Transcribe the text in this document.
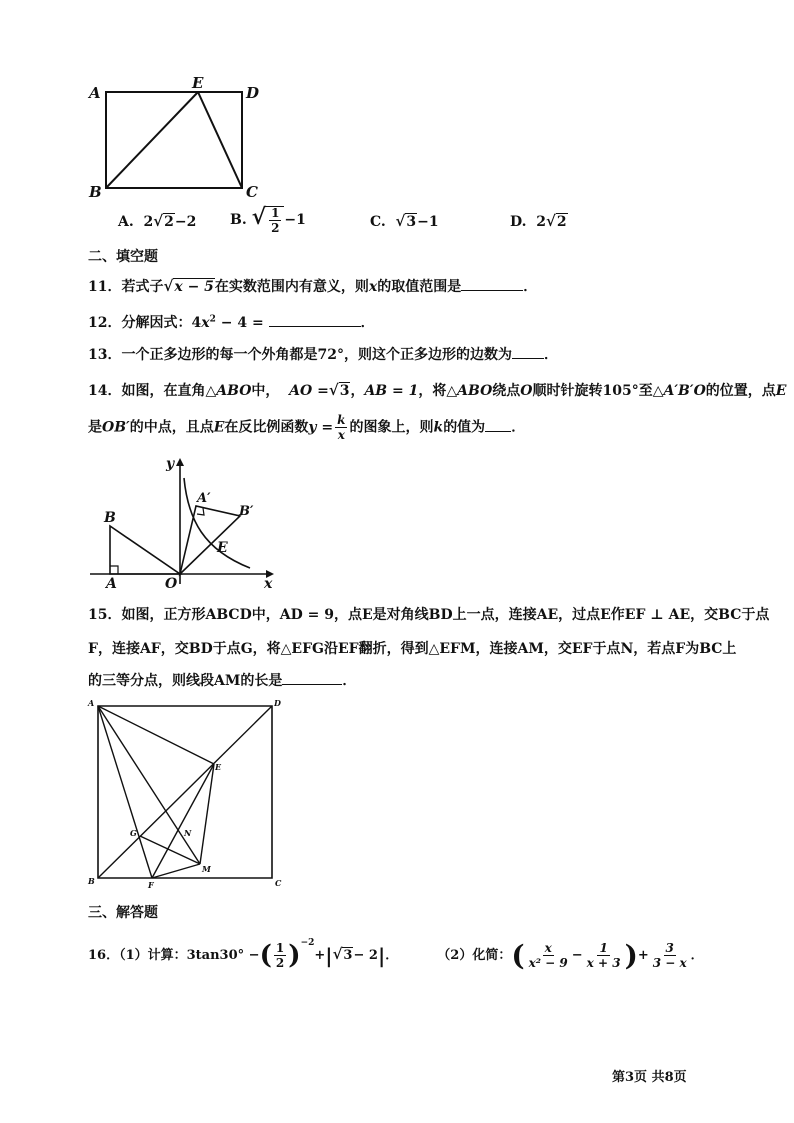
A
E
D
B	C
A. 2√2−2 B. √ $\frac{1}{2} -1$	C. √3−1	D. 2√2
二、填空题
11．若式子√x − 5在实数范围内有意义，则x的取值范围是	．
12．分解因式：$4x^2 - 4$ =	．
13．一个正多边形的每一个外角都是72°，则这个正多边形的边数为 ．
14．如图，在直角△ABO中， AO =√3，AB = 1，将△ABO绕点O顺时针旋转105°至△A′B′O的位置，点E
是OB′的中点，且点E在反比例函数$y = \frac{k}{x}$ 的图象上，则k的值为 ．
y
x
O
A
B
A′
B′
E
15．如图，正方形ABCD中，AD = 9，点E是对角线BD上一点，连接AE，过点E作EF ⊥ AE，交BC于点
F，连接AF，交BD于点G，将△EFG沿EF翻折，得到△EFM，连接AM，交EF于点N，若点F为BC上
的三等分点，则线段AM的长是	．
A	D
B	C
E
G	N
M
F
三、解答题
16．（1）计算：3tan30° −( $\frac{1}{2} )^{-2}+|√3- 2|$．	（2）化简：( $\frac{x}{\text{x² − 9}} - \frac{1}{x + 3}$ )+ $\frac{3}{3 - x}$ ．
第3页 共8页
